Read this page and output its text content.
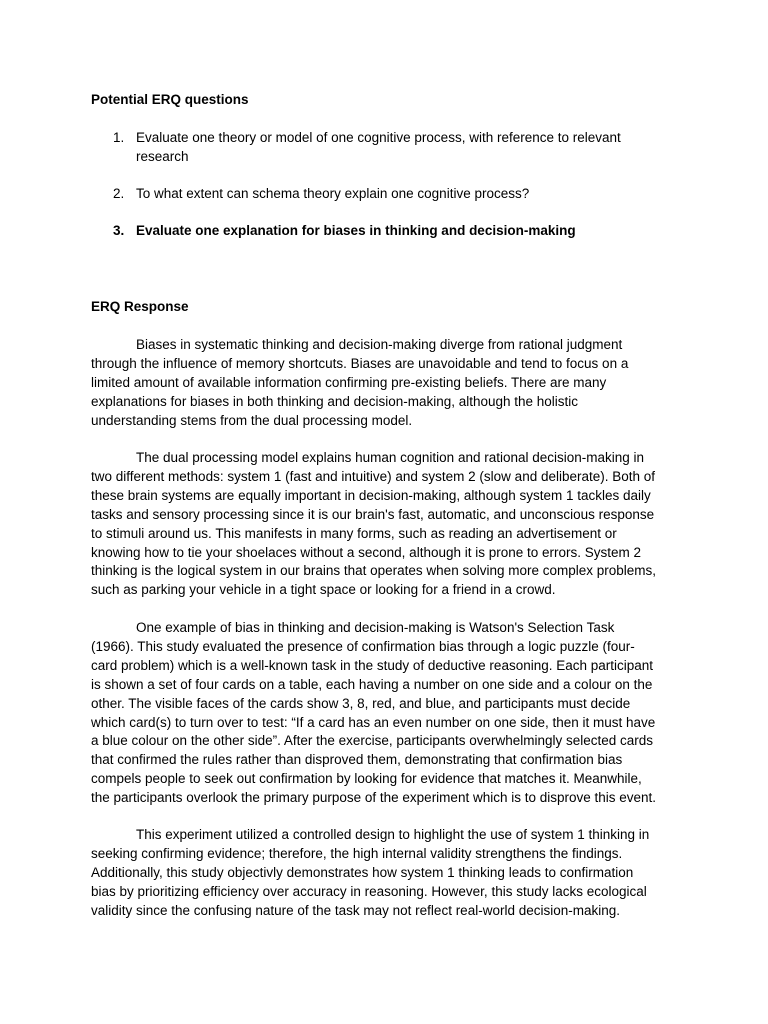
Potential ERQ questions

1. Evaluate one theory or model of one cognitive process, with reference to relevant research
2. To what extent can schema theory explain one cognitive process?
3. Evaluate one explanation for biases in thinking and decision-making

ERQ Response

Biases in systematic thinking and decision-making diverge from rational judgment through the influence of memory shortcuts. Biases are unavoidable and tend to focus on a limited amount of available information confirming pre-existing beliefs. There are many explanations for biases in both thinking and decision-making, although the holistic understanding stems from the dual processing model.

The dual processing model explains human cognition and rational decision-making in two different methods: system 1 (fast and intuitive) and system 2 (slow and deliberate). Both of these brain systems are equally important in decision-making, although system 1 tackles daily tasks and sensory processing since it is our brain's fast, automatic, and unconscious response to stimuli around us. This manifests in many forms, such as reading an advertisement or knowing how to tie your shoelaces without a second, although it is prone to errors. System 2 thinking is the logical system in our brains that operates when solving more complex problems, such as parking your vehicle in a tight space or looking for a friend in a crowd.

One example of bias in thinking and decision-making is Watson's Selection Task (1966). This study evaluated the presence of confirmation bias through a logic puzzle (four-card problem) which is a well-known task in the study of deductive reasoning. Each participant is shown a set of four cards on a table, each having a number on one side and a colour on the other. The visible faces of the cards show 3, 8, red, and blue, and participants must decide which card(s) to turn over to test: “If a card has an even number on one side, then it must have a blue colour on the other side”. After the exercise, participants overwhelmingly selected cards that confirmed the rules rather than disproved them, demonstrating that confirmation bias compels people to seek out confirmation by looking for evidence that matches it. Meanwhile, the participants overlook the primary purpose of the experiment which is to disprove this event.

This experiment utilized a controlled design to highlight the use of system 1 thinking in seeking confirming evidence; therefore, the high internal validity strengthens the findings. Additionally, this study objectivly demonstrates how system 1 thinking leads to confirmation bias by prioritizing efficiency over accuracy in reasoning. However, this study lacks ecological validity since the confusing nature of the task may not reflect real-world decision-making.
